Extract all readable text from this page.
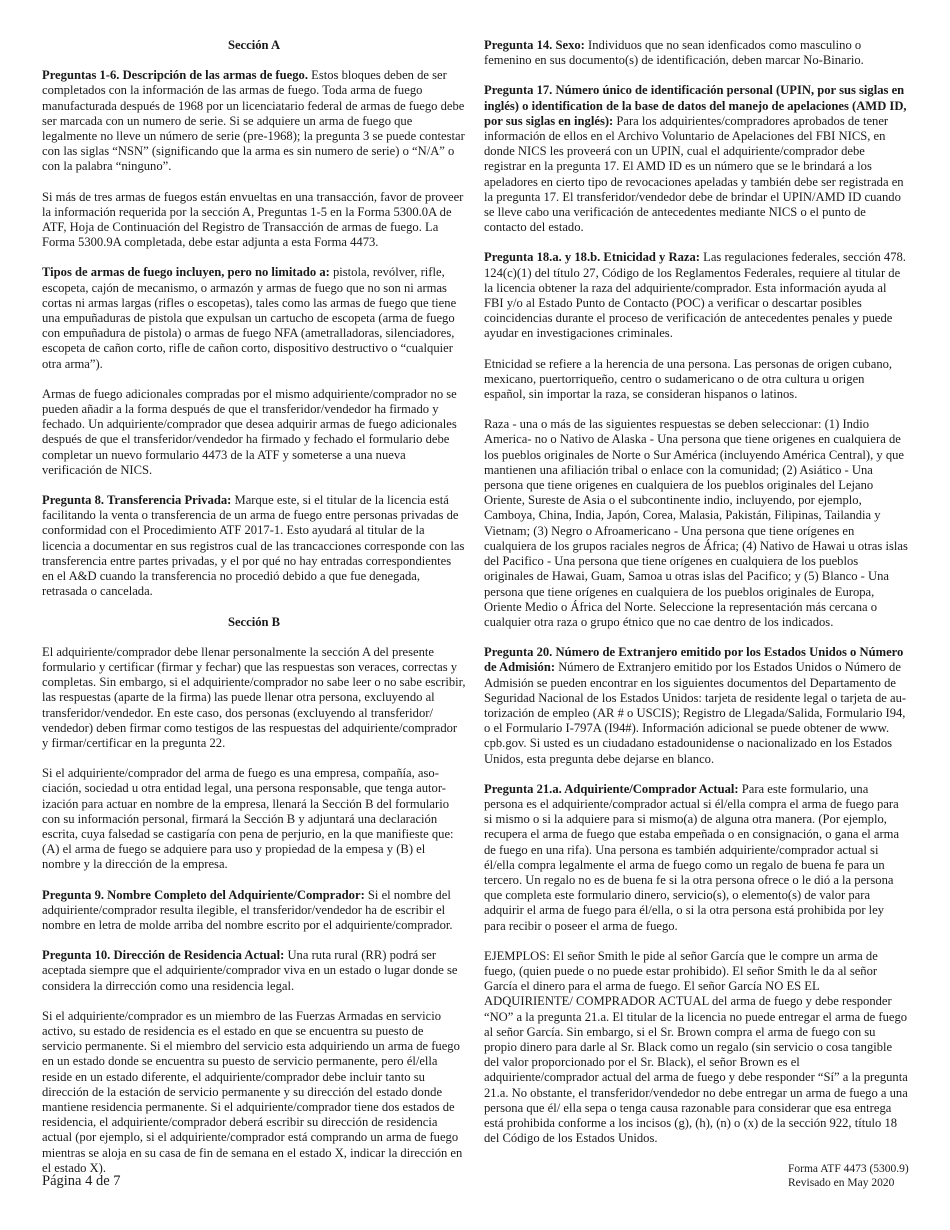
Sección A

Preguntas 1-6. Descripción de las armas de fuego. Estos bloques deben de ser completados con la información de las armas de fuego. Toda arma de fuego manufacturada después de 1968 por un licenciatario federal de armas de fuego debe ser marcada con un numero de serie. Si se adquiere un arma de fuego que legalmente no lleve un número de serie (pre-1968); la pregunta 3 se puede contestar con las siglas “NSN” (significando que la arma es sin numero de serie) o “N/A” o con la palabra “ninguno”.

Si más de tres armas de fuegos están envueltas en una transacción, favor de proveer la información requerida por la sección A, Preguntas 1-5 en la Forma 5300.0A de ATF, Hoja de Continuación del Registro de Transacción de armas de fuego. La Forma 5300.9A completada, debe estar adjunta a esta Forma 4473.

Tipos de armas de fuego incluyen, pero no limitado a: pistola, revólver, rifle, escopeta, cajón de mecanismo, o armazón y armas de fuego que no son ni armas cortas ni armas largas (rifles o escopetas), tales como las armas de fuego que tiene una empuñaduras de pistola que expulsan un cartucho de escopeta (arma de fuego con empuñadura de pistola) o armas de fuego NFA (ametralladoras, silenciadores, escopeta de cañon corto, rifle de cañon corto, dispositivo destructivo o “cualquier otra arma”).

Armas de fuego adicionales compradas por el mismo adquiriente/comprador no se pueden añadir a la forma después de que el transferidor/vendedor ha firmado y fechado. Un adquiriente/comprador que desea adquirir armas de fuego adicionales después de que el transferidor/vendedor ha firmado y fechado el formulario debe completar un nuevo formulario 4473 de la ATF y someterse a una nueva verificación de NICS.

Pregunta 8. Transferencia Privada: Marque este, si el titular de la licencia está facilitando la venta o transferencia de un arma de fuego entre personas privadas de conformidad con el Procedimiento ATF 2017-1. Esto ayudará al titular de la licencia a documentar en sus registros cual de las trancacciones corresponde con las transferencia entre partes privadas, y el por qué no hay entradas correspondientes en el A&D cuando la transferencia no procedió debido a que fue denegada, retrasada o cancelada.

Sección B

El adquiriente/comprador debe llenar personalmente la sección A del presente formulario y certificar (firmar y fechar) que las respuestas son veraces, correctas y completas. Sin embargo, si el adquiriente/comprador no sabe leer o no sabe escribir, las respuestas (aparte de la firma) las puede llenar otra persona, excluyendo al transferidor/vendedor. En este caso, dos personas (excluyendo al transferidor/ vendedor) deben firmar como testigos de las respuestas del adquiriente/comprador y firmar/certificar en la pregunta 22.

Si el adquiriente/comprador del arma de fuego es una empresa, compañía, aso- ciación, sociedad u otra entidad legal, una persona responsable, que tenga autor- ización para actuar en nombre de la empresa, llenará la Sección B del formulario con su información personal, firmará la Sección B y adjuntará una declaración escrita, cuya falsedad se castigaría con pena de perjurio, en la que manifieste que: (A) el arma de fuego se adquiere para uso y propiedad de la empesa y (B) el nombre y la dirección de la empresa.

Pregunta 9. Nombre Completo del Adquiriente/Comprador: Si el nombre del adquiriente/comprador resulta ilegible, el transferidor/vendedor ha de escribir el nombre en letra de molde arriba del nombre escrito por el adquiriente/comprador.

Pregunta 10. Dirección de Residencia Actual: Una ruta rural (RR) podrá ser aceptada siempre que el adquiriente/comprador viva en un estado o lugar donde se considera la dirrección como una residencia legal.

Si el adquiriente/comprador es un miembro de las Fuerzas Armadas en servicio activo, su estado de residencia es el estado en que se encuentra su puesto de servicio permanente. Si el miembro del servicio esta adquiriendo un arma de fuego en un estado donde se encuentra su puesto de servicio permanente, pero él/ella reside en un estado diferente, el adquiriente/comprador debe incluir tanto su dirección de la estación de servicio permanente y su dirección del estado donde mantiene residencia permanente. Si el adquiriente/comprador tiene dos estados de residencia, el adquiriente/comprador deberá escribir su dirección de residencia actual (por ejemplo, si el adquiriente/comprador está comprando un arma de fuego mientras se aloja en su casa de fin de semana en el estado X, indicar la dirección en el estado X).

Pregunta 14. Sexo: Individuos que no sean idenficados como masculino o femenino en sus documento(s) de identificación, deben marcar No-Binario.

Pregunta 17. Número único de identificación personal (UPIN, por sus siglas en inglés) o identification de la base de datos del manejo de apelaciones (AMD ID, por sus siglas en inglés): Para los adquirientes/compradores aprobados de tener información de ellos en el Archivo Voluntario de Apelaciones del FBI NICS, en donde NICS les proveerá con un UPIN, cual el adquiriente/comprador debe registrar en la pregunta 17. El AMD ID es un número que se le brindará a los apeladores en cierto tipo de revocaciones apeladas y también debe ser registrada en la pregunta 17. El transferidor/vendedor debe de brindar el UPIN/AMD ID cuando se lleve cabo una verificación de antecedentes mediante NICS o el punto de contacto del estado.

Pregunta 18.a. y 18.b. Etnicidad y Raza: Las regulaciones federales, sección 478. 124(c)(1) del título 27, Código de los Reglamentos Federales, requiere al titular de la licencia obtener la raza del adquiriente/comprador. Esta información ayuda al FBI y/o al Estado Punto de Contacto (POC) a verificar o descartar posibles coincidencias durante el proceso de verificación de antecedentes penales y puede ayudar en investigaciones criminales.

Etnicidad se refiere a la herencia de una persona. Las personas de origen cubano, mexicano, puertorriqueño, centro o sudamericano o de otra cultura u origen español, sin importar la raza, se consideran hispanos o latinos.

Raza - una o más de las siguientes respuestas se deben seleccionar: (1) Indio America- no o Nativo de Alaska - Una persona que tiene origenes en cualquiera de los pueblos originales de Norte o Sur América (incluyendo América Central), y que mantienen una afiliación tribal o enlace con la comunidad; (2) Asiático - Una persona que tiene origenes en cualquiera de los pueblos originales del Lejano Oriente, Sureste de Asia o el subcontinente indio, incluyendo, por ejemplo, Camboya, China, India, Japón, Corea, Malasia, Pakistán, Filipinas, Tailandia y Vietnam; (3) Negro o Afroamericano - Una persona que tiene orígenes en cualquiera de los grupos raciales negros de África; (4) Nativo de Hawai u otras islas del Pacifico - Una persona que tiene orígenes en cualquiera de los pueblos originales de Hawai, Guam, Samoa u otras islas del Pacifico; y (5) Blanco - Una persona que tiene orígenes en cualquiera de los pueblos originales de Europa, Oriente Medio o África del Norte. Seleccione la representación más cercana o cualquier otra raza o grupo étnico que no cae dentro de los indicados.

Pregunta 20. Número de Extranjero emitido por los Estados Unidos o Número de Admisión: Número de Extranjero emitido por los Estados Unidos o Número de Admisión se pueden encontrar en los siguientes documentos del Departamento de Seguridad Nacional de los Estados Unidos: tarjeta de residente legal o tarjeta de au- torización de empleo (AR # o USCIS); Registro de Llegada/Salida, Formulario I94, o el Formulario I-797A (I94#). Información adicional se puede obtener de www. cpb.gov. Si usted es un ciudadano estadounidense o nacionalizado en los Estados Unidos, esta pregunta debe dejarse en blanco.

Pregunta 21.a. Adquiriente/Comprador Actual: Para este formulario, una persona es el adquiriente/comprador actual si él/ella compra el arma de fuego para si mismo o si la adquiere para si mismo(a) de alguna otra manera. (Por ejemplo, recupera el arma de fuego que estaba empeñada o en consignación, o gana el arma de fuego en una rifa). Una persona es también adquiriente/comprador actual si él/ella compra legalmente el arma de fuego como un regalo de buena fe para un tercero. Un regalo no es de buena fe si la otra persona ofrece o le dió a la persona que completa este formulario dinero, servicio(s), o elemento(s) de valor para adquirir el arma de fuego para él/ella, o si la otra persona está prohibida por ley para recibir o poseer el arma de fuego.

EJEMPLOS: El señor Smith le pide al señor García que le compre un arma de fuego, (quien puede o no puede estar prohibido). El señor Smith le da al señor García el dinero para el arma de fuego. El señor García NO ES EL ADQUIRIENTE/ COMPRADOR ACTUAL del arma de fuego y debe responder “NO” a la pregunta 21.a. El titular de la licencia no puede entregar el arma de fuego al señor García. Sin embargo, si el Sr. Brown compra el arma de fuego con su propio dinero para darle al Sr. Black como un regalo (sin servicio o cosa tangible del valor proporcionado por el Sr. Black), el señor Brown es el adquiriente/comprador actual del arma de fuego y debe responder “Sí” a la pregunta 21.a. No obstante, el transferidor/vendedor no debe entregar un arma de fuego a una persona que él/ ella sepa o tenga causa razonable para considerar que esa entrega está prohibida conforme a los incisos (g), (h), (n) o (x) de la sección 922, título 18 del Código de los Estados Unidos.

Página 4 de 7
Forma ATF 4473 (5300.9)
Revisado en May 2020
